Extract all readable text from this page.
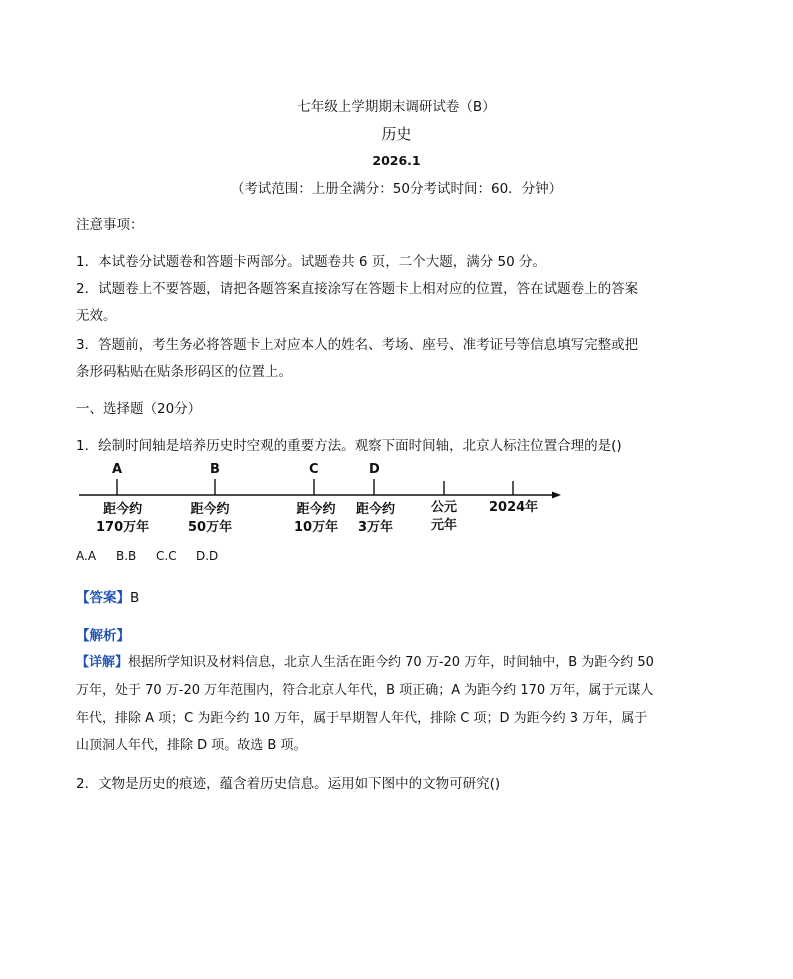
七年级上学期期末调研试卷（B）
历史
2026.1
（考试范围：上册全满分：50分考试时间：60．分钟）
注意事项：
1．本试卷分试题卷和答题卡两部分。试题卷共 6 页，二个大题，满分 50 分。
2．试题卷上不要答题，请把各题答案直接涂写在答题卡上相对应的位置，答在试题卷上的答案
无效。
3．答题前，考生务必将答题卡上对应本人的姓名、考场、座号、准考证号等信息填写完整或把
条形码粘贴在贴条形码区的位置上。
一、选择题（20分）
1．绘制时间轴是培养历史时空观的重要方法。观察下面时间轴，北京人标注位置合理的是()
A	B	C	D
距今约
170万年
距今约
50万年
距今约
10万年
距今约
3万年
公元
元年
2024年
A.A B.B C.C D.D
【答案】B
【解析】
【详解】根据所学知识及材料信息，北京人生活在距今约 70 万-20 万年，时间轴中，B 为距今约 50
万年，处于 70 万-20 万年范围内，符合北京人年代，B 项正确；A 为距今约 170 万年，属于元谋人
年代，排除 A 项；C 为距今约 10 万年，属于早期智人年代，排除 C 项；D 为距今约 3 万年，属于
山顶洞人年代，排除 D 项。故选 B 项。
2．文物是历史的痕迹，蕴含着历史信息。运用如下图中的文物可研究()
